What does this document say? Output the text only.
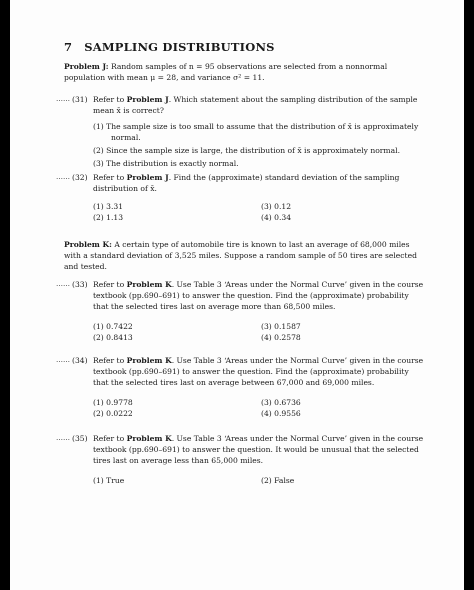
7 SAMPLING DISTRIBUTIONS
Problem J: Random samples of n = 95 observations are selected from a nonnormal population with mean μ = 28, and variance σ² = 11.
…… (31) Refer to Problem J. Which statement about the sampling distribution of the sample mean x̄ is correct?
(1) The sample size is too small to assume that the distribution of x̄ is approximately normal.
(2) Since the sample size is large, the distribution of x̄ is approximately normal.
(3) The distribution is exactly normal.
…… (32) Refer to Problem J. Find the (approximate) standard deviation of the sampling distribution of x̄.
(1) 3.31	(3) 0.12
(2) 1.13	(4) 0.34
Problem K: A certain type of automobile tire is known to last an average of 68,000 miles with a standard deviation of 3,525 miles. Suppose a random sample of 50 tires are selected and tested.
…… (33) Refer to Problem K. Use Table 3 ‘Areas under the Normal Curve’ given in the course textbook (pp.690–691) to answer the question. Find the (approximate) probability that the selected tires last on average more than 68,500 miles.
(1) 0.7422	(3) 0.1587
(2) 0.8413	(4) 0.2578
…… (34) Refer to Problem K. Use Table 3 ‘Areas under the Normal Curve’ given in the course textbook (pp.690–691) to answer the question. Find the (approximate) probability that the selected tires last on average between 67,000 and 69,000 miles.
(1) 0.9778	(3) 0.6736
(2) 0.0222	(4) 0.9556
…… (35) Refer to Problem K. Use Table 3 ‘Areas under the Normal Curve’ given in the course textbook (pp.690–691) to answer the question. It would be unusual that the selected tires last on average less than 65,000 miles.
(1) True	(2) False
